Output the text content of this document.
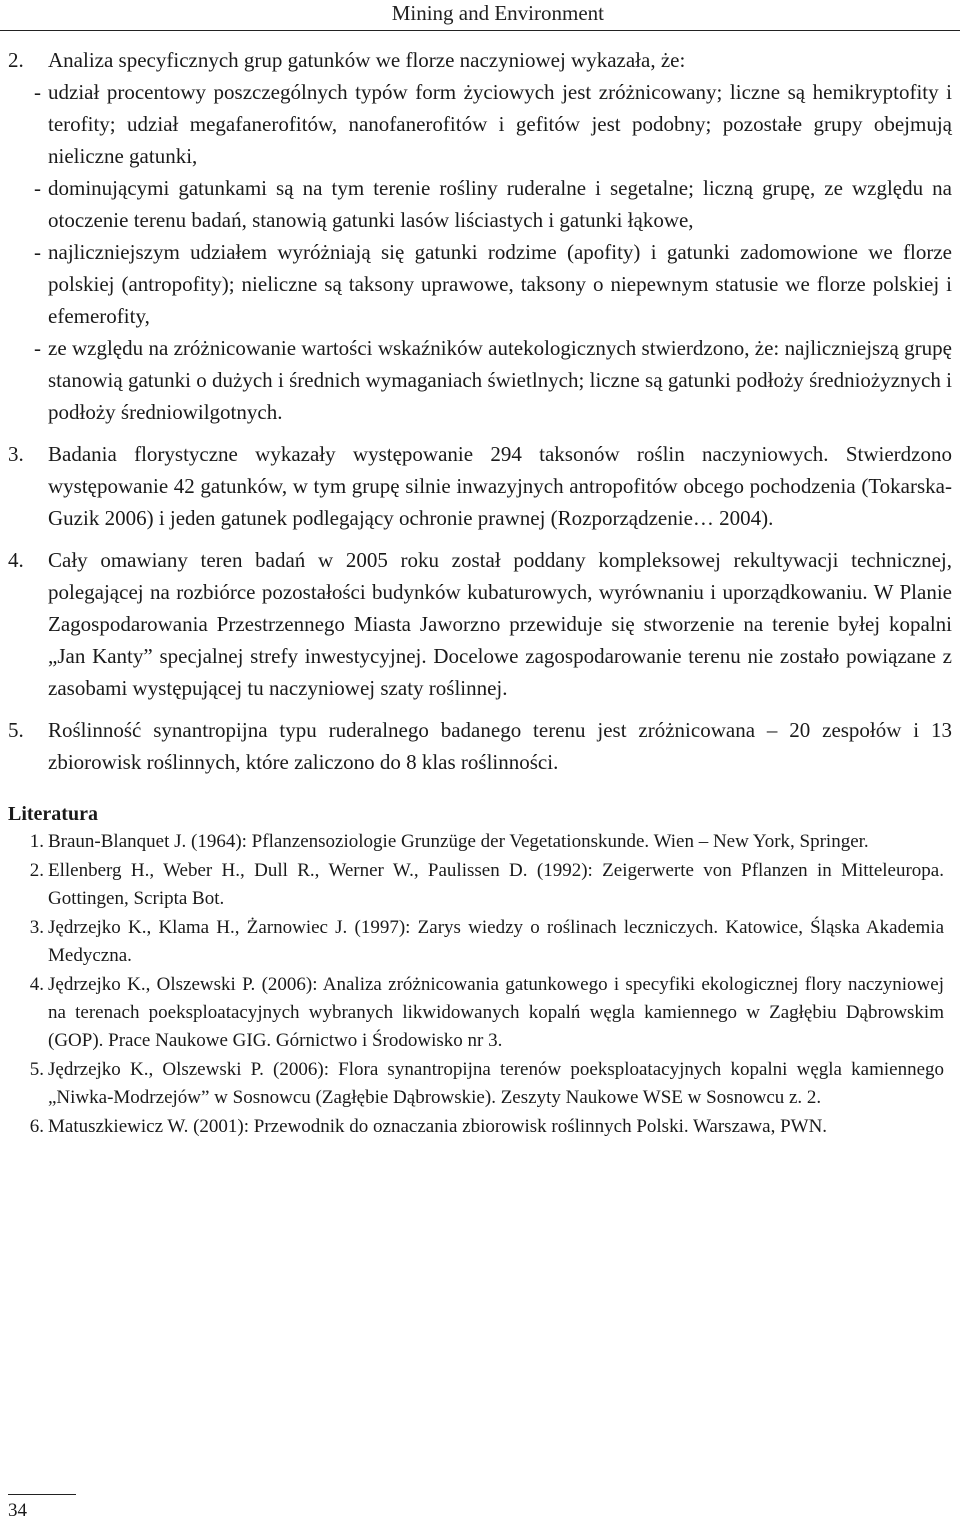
Mining and Environment
2.	Analiza specyficznych grup gatunków we florze naczyniowej wykazała, że:
- udział procentowy poszczególnych typów form życiowych jest zróżnicowany; liczne są hemikryptofity i terofity; udział megafanerofitów, nanofanerofitów i gefitów jest podobny; pozostałe grupy obejmują nieliczne gatunki,
- dominującymi gatunkami są na tym terenie rośliny ruderalne i segetalne; liczną grupę, ze względu na otoczenie terenu badań, stanowią gatunki lasów liściastych i gatunki łąkowe,
- najliczniejszym udziałem wyróżniają się gatunki rodzime (apofity) i gatunki zadomowione we florze polskiej (antropofity); nieliczne są taksony uprawowe, taksony o niepewnym statusie we florze polskiej i efemerofity,
- ze względu na zróżnicowanie wartości wskaźników autekologicznych stwierdzono, że: najliczniejszą grupę stanowią gatunki o dużych i średnich wymaganiach świetlnych; liczne są gatunki podłoży średniożyznych i podłoży średniowilgotnych.
3.	Badania florystyczne wykazały występowanie 294 taksonów roślin naczyniowych. Stwierdzono występowanie 42 gatunków, w tym grupę silnie inwazyjnych antropofitów obcego pochodzenia (Tokarska-Guzik 2006) i jeden gatunek podlegający ochronie prawnej (Rozporządzenie… 2004).
4.	Cały omawiany teren badań w 2005 roku został poddany kompleksowej rekultywacji technicznej, polegającej na rozbiórce pozostałości budynków kubaturowych, wyrównaniu i uporządkowaniu. W Planie Zagospodarowania Przestrzennego Miasta Jaworzno przewiduje się stworzenie na terenie byłej kopalni „Jan Kanty” specjalnej strefy inwestycyjnej. Docelowe zagospodarowanie terenu nie zostało powiązane z zasobami występującej tu naczyniowej szaty roślinnej.
5.	Roślinność synantropijna typu ruderalnego badanego terenu jest zróżnicowana – 20 zespołów i 13 zbiorowisk roślinnych, które zaliczono do 8 klas roślinności.
Literatura
1. Braun-Blanquet J. (1964): Pflanzensoziologie Grunzüge der Vegetationskunde. Wien – New York, Springer.
2. Ellenberg H., Weber H., Dull R., Werner W., Paulissen D. (1992): Zeigerwerte von Pflanzen in Mitteleuropa. Gottingen, Scripta Bot.
3. Jędrzejko K., Klama H., Żarnowiec J. (1997): Zarys wiedzy o roślinach leczniczych. Katowice, Śląska Akademia Medyczna.
4. Jędrzejko K., Olszewski P. (2006): Analiza zróżnicowania gatunkowego i specyfiki ekologicznej flory naczyniowej na terenach poeksploatacyjnych wybranych likwidowanych kopalń węgla kamiennego w Zagłębiu Dąbrowskim (GOP). Prace Naukowe GIG. Górnictwo i Środowisko nr 3.
5. Jędrzejko K., Olszewski P. (2006): Flora synantropijna terenów poeksploatacyjnych kopalni węgla kamiennego „Niwka-Modrzejów” w Sosnowcu (Zagłębie Dąbrowskie). Zeszyty Naukowe WSE w Sosnowcu z. 2.
6. Matuszkiewicz W. (2001): Przewodnik do oznaczania zbiorowisk roślinnych Polski. Warszawa, PWN.
34
